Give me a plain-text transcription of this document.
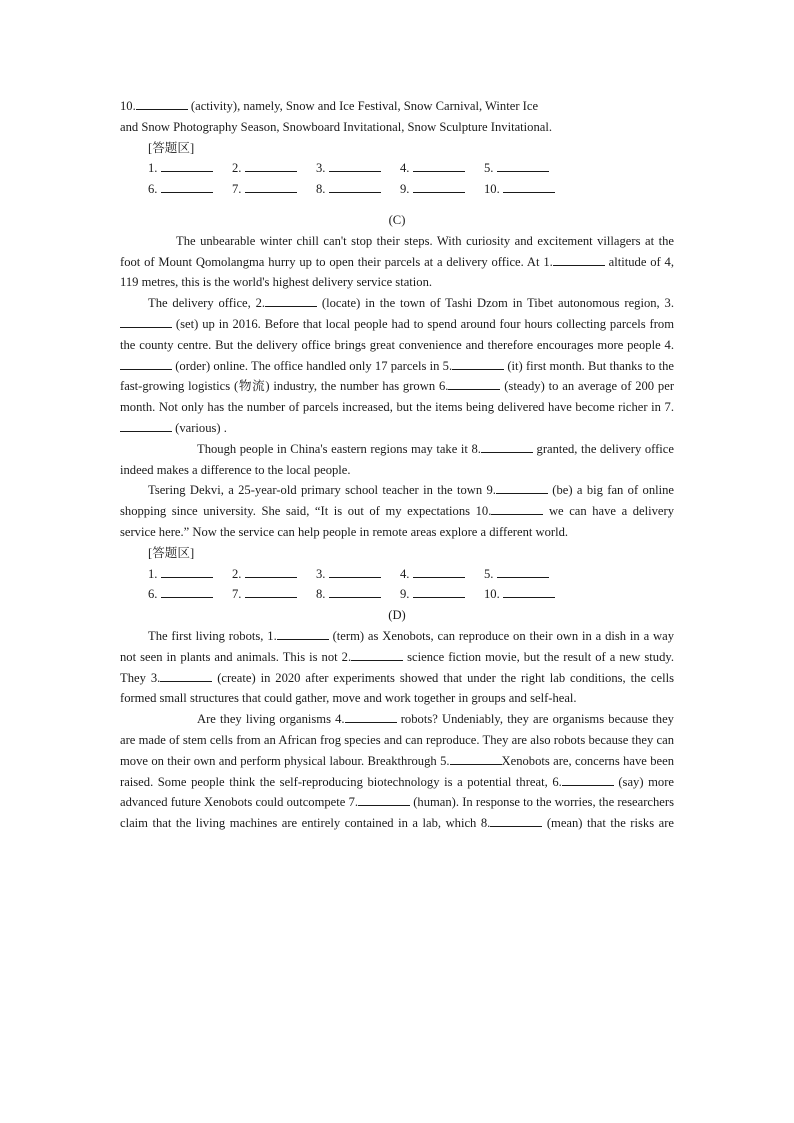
10.	(activity), namely, Snow and Ice Festival, Snow Carnival, Winter Ice

and Snow Photography Season, Snowboard Invitational, Snow Sculpture Invitational.

[答题区]

1.	2.	3.	4.	5.
6.	7.	8.	9.	10.

(C)

The unbearable winter chill can't stop their steps. With curiosity and excitement villagers at the foot of Mount Qomolangma hurry up to open their parcels at a delivery office. At 1.	altitude of 4, 119 metres, this is the world's highest delivery service station.

The delivery office, 2.	(locate) in the town of Tashi Dzom in Tibet autonomous region, 3. (set) up in 2016. Before that local people had to spend around four hours collecting parcels from the county centre. But the delivery office brings great convenience and therefore encourages more people 4. (order) online. The office handled only 17 parcels in 5.	(it) first month. But thanks to the fast-growing logistics (物流) industry, the number has grown 6.	(steady) to an average of 200 per month. Not only has the number of parcels increased, but the items being delivered have become richer in 7. (various) .

Though people in China's eastern regions may take it 8.	granted, the delivery office indeed makes a difference to the local people.

Tsering Dekvi, a 25-year-old primary school teacher in the town 9.	(be) a big fan of online shopping since university. She said, “It is out of my expectations 10.	we can have a delivery service here.” Now the service can help people in remote areas explore a different world.

[答题区]

1.	2.	3.	4.	5.
6.	7.	8.	9.	10.

(D)

The first living robots, 1.	(term) as Xenobots, can reproduce on their own in a dish in a way not seen in plants and animals. This is not 2.	science fiction movie, but the result of a new study. They 3.	(create) in 2020 after experiments showed that under the right lab conditions, the cells formed small structures that could gather, move and work together in groups and self-heal.

Are they living organisms 4.	robots? Undeniably, they are organisms because they are made of stem cells from an African frog species and can reproduce. They are also robots because they can move on their own and perform physical labour. Breakthrough 5.	Xenobots are, concerns have been raised. Some people think the self-reproducing biotechnology is a potential threat, 6.	(say) more advanced future Xenobots could outcompete 7.	(human). In response to the worries, the researchers claim that the living machines are entirely contained in a lab, which 8.	(mean) that the risks are
